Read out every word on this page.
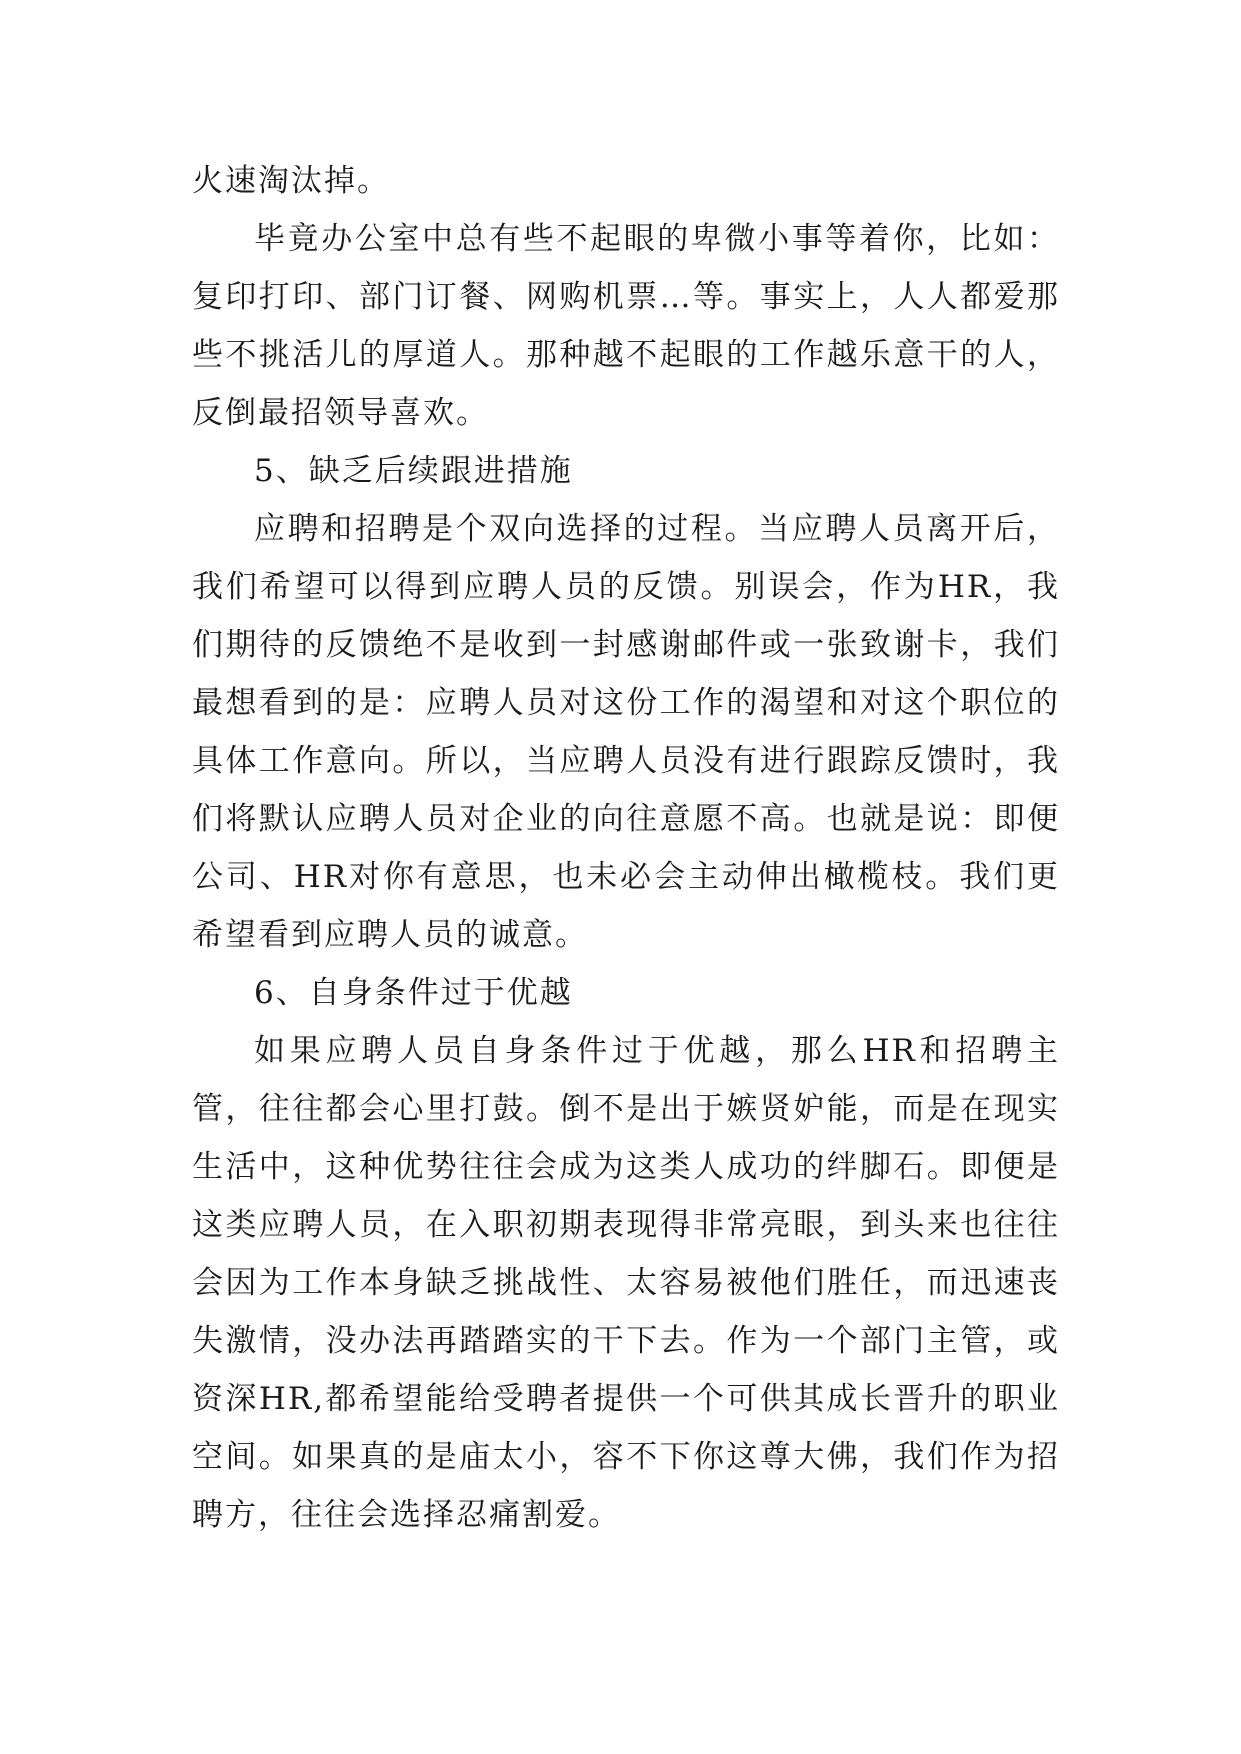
火速淘汰掉。

毕竟办公室中总有些不起眼的卑微小事等着你，比如：复印打印、部门订餐、网购机票…等。事实上，人人都爱那些不挑活儿的厚道人。那种越不起眼的工作越乐意干的人，反倒最招领导喜欢。

5、缺乏后续跟进措施

应聘和招聘是个双向选择的过程。当应聘人员离开后，我们希望可以得到应聘人员的反馈。别误会，作为HR，我们期待的反馈绝不是收到一封感谢邮件或一张致谢卡，我们最想看到的是：应聘人员对这份工作的渴望和对这个职位的具体工作意向。所以，当应聘人员没有进行跟踪反馈时，我们将默认应聘人员对企业的向往意愿不高。也就是说：即便公司、HR对你有意思，也未必会主动伸出橄榄枝。我们更希望看到应聘人员的诚意。

6、自身条件过于优越

如果应聘人员自身条件过于优越，那么HR和招聘主管，往往都会心里打鼓。倒不是出于嫉贤妒能，而是在现实生活中，这种优势往往会成为这类人成功的绊脚石。即便是这类应聘人员，在入职初期表现得非常亮眼，到头来也往往会因为工作本身缺乏挑战性、太容易被他们胜任，而迅速丧失激情，没办法再踏踏实的干下去。作为一个部门主管，或资深HR,都希望能给受聘者提供一个可供其成长晋升的职业空间。如果真的是庙太小，容不下你这尊大佛，我们作为招聘方，往往会选择忍痛割爱。
